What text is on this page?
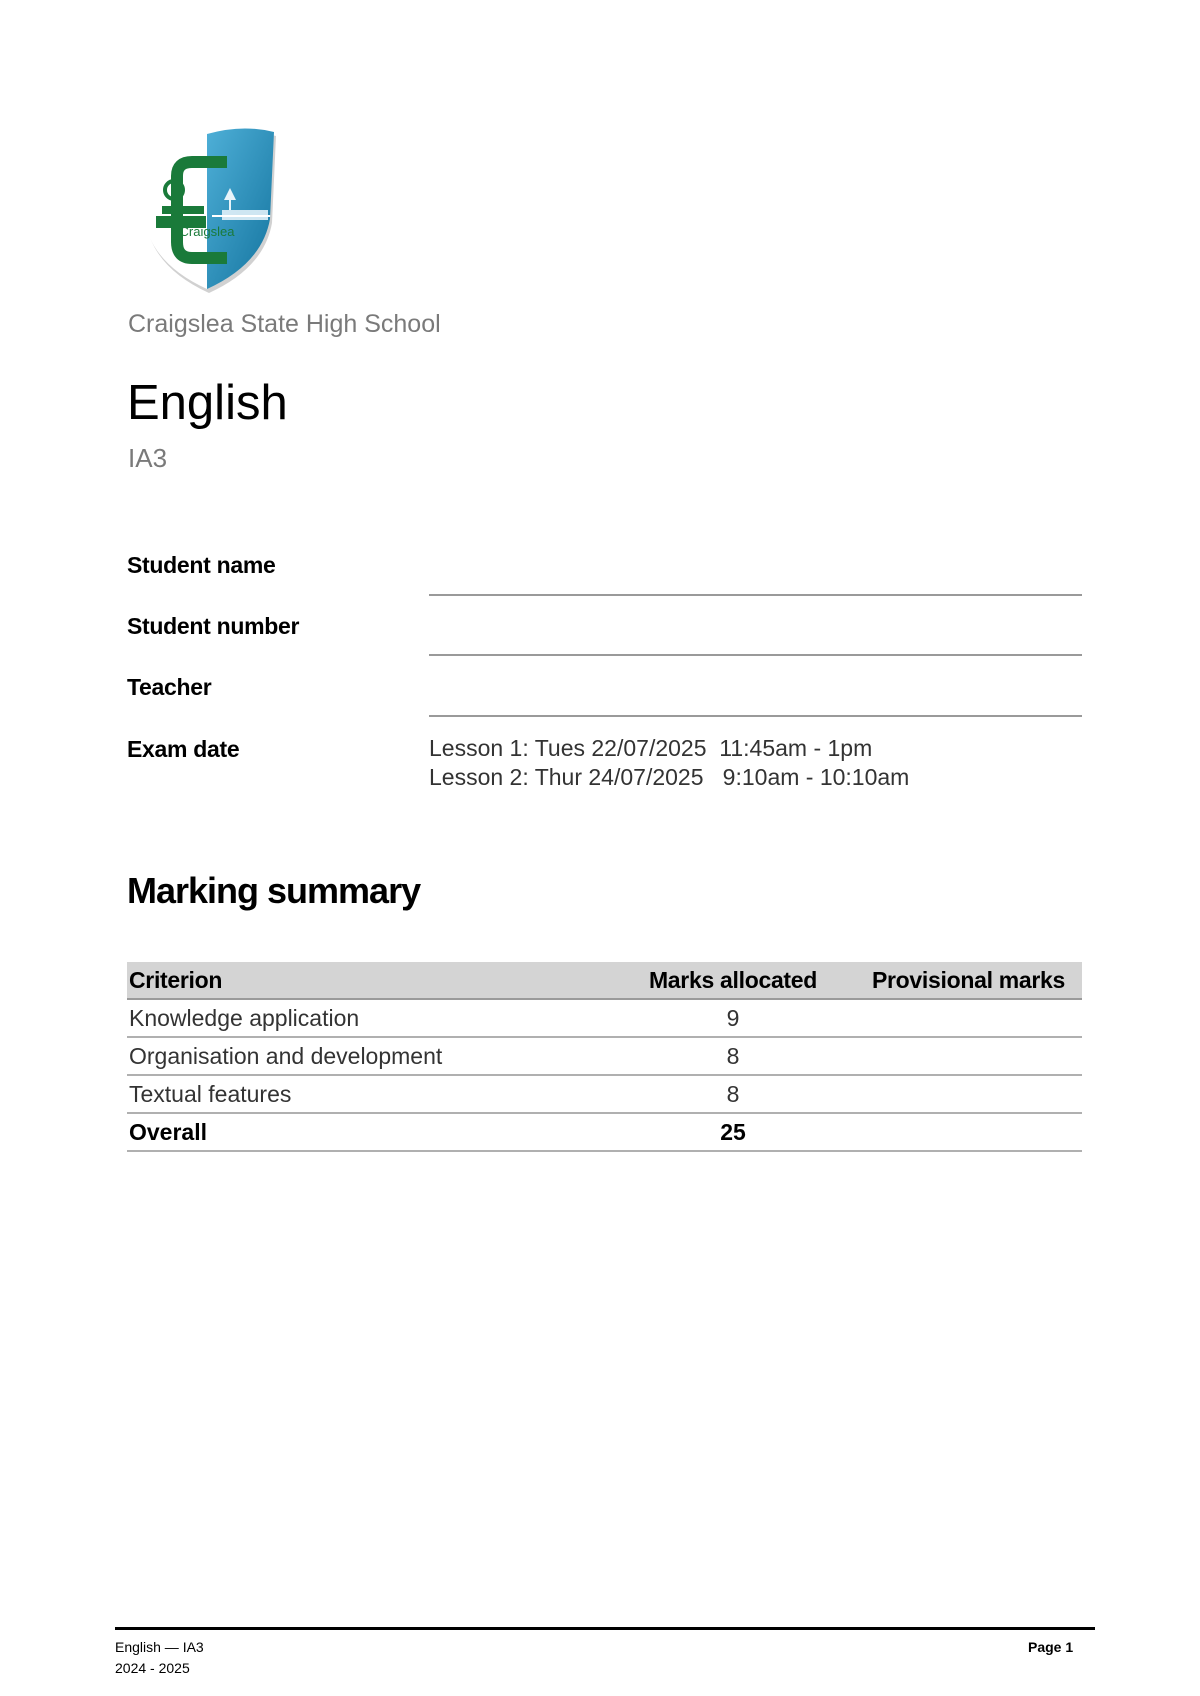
Craigslea
Craigslea State High School
English
IA3
Student name
Student number
Teacher
Exam date	Lesson 1: Tues 22/07/2025  11:45am - 1pm
Lesson 2: Thur 24/07/2025   9:10am - 10:10am
Marking summary
Criterion	Marks allocated	Provisional marks
Knowledge application	9	
Organisation and development	8	
Textual features	8	
Overall	25	
English — IA3
2024 - 2025
Page 1
